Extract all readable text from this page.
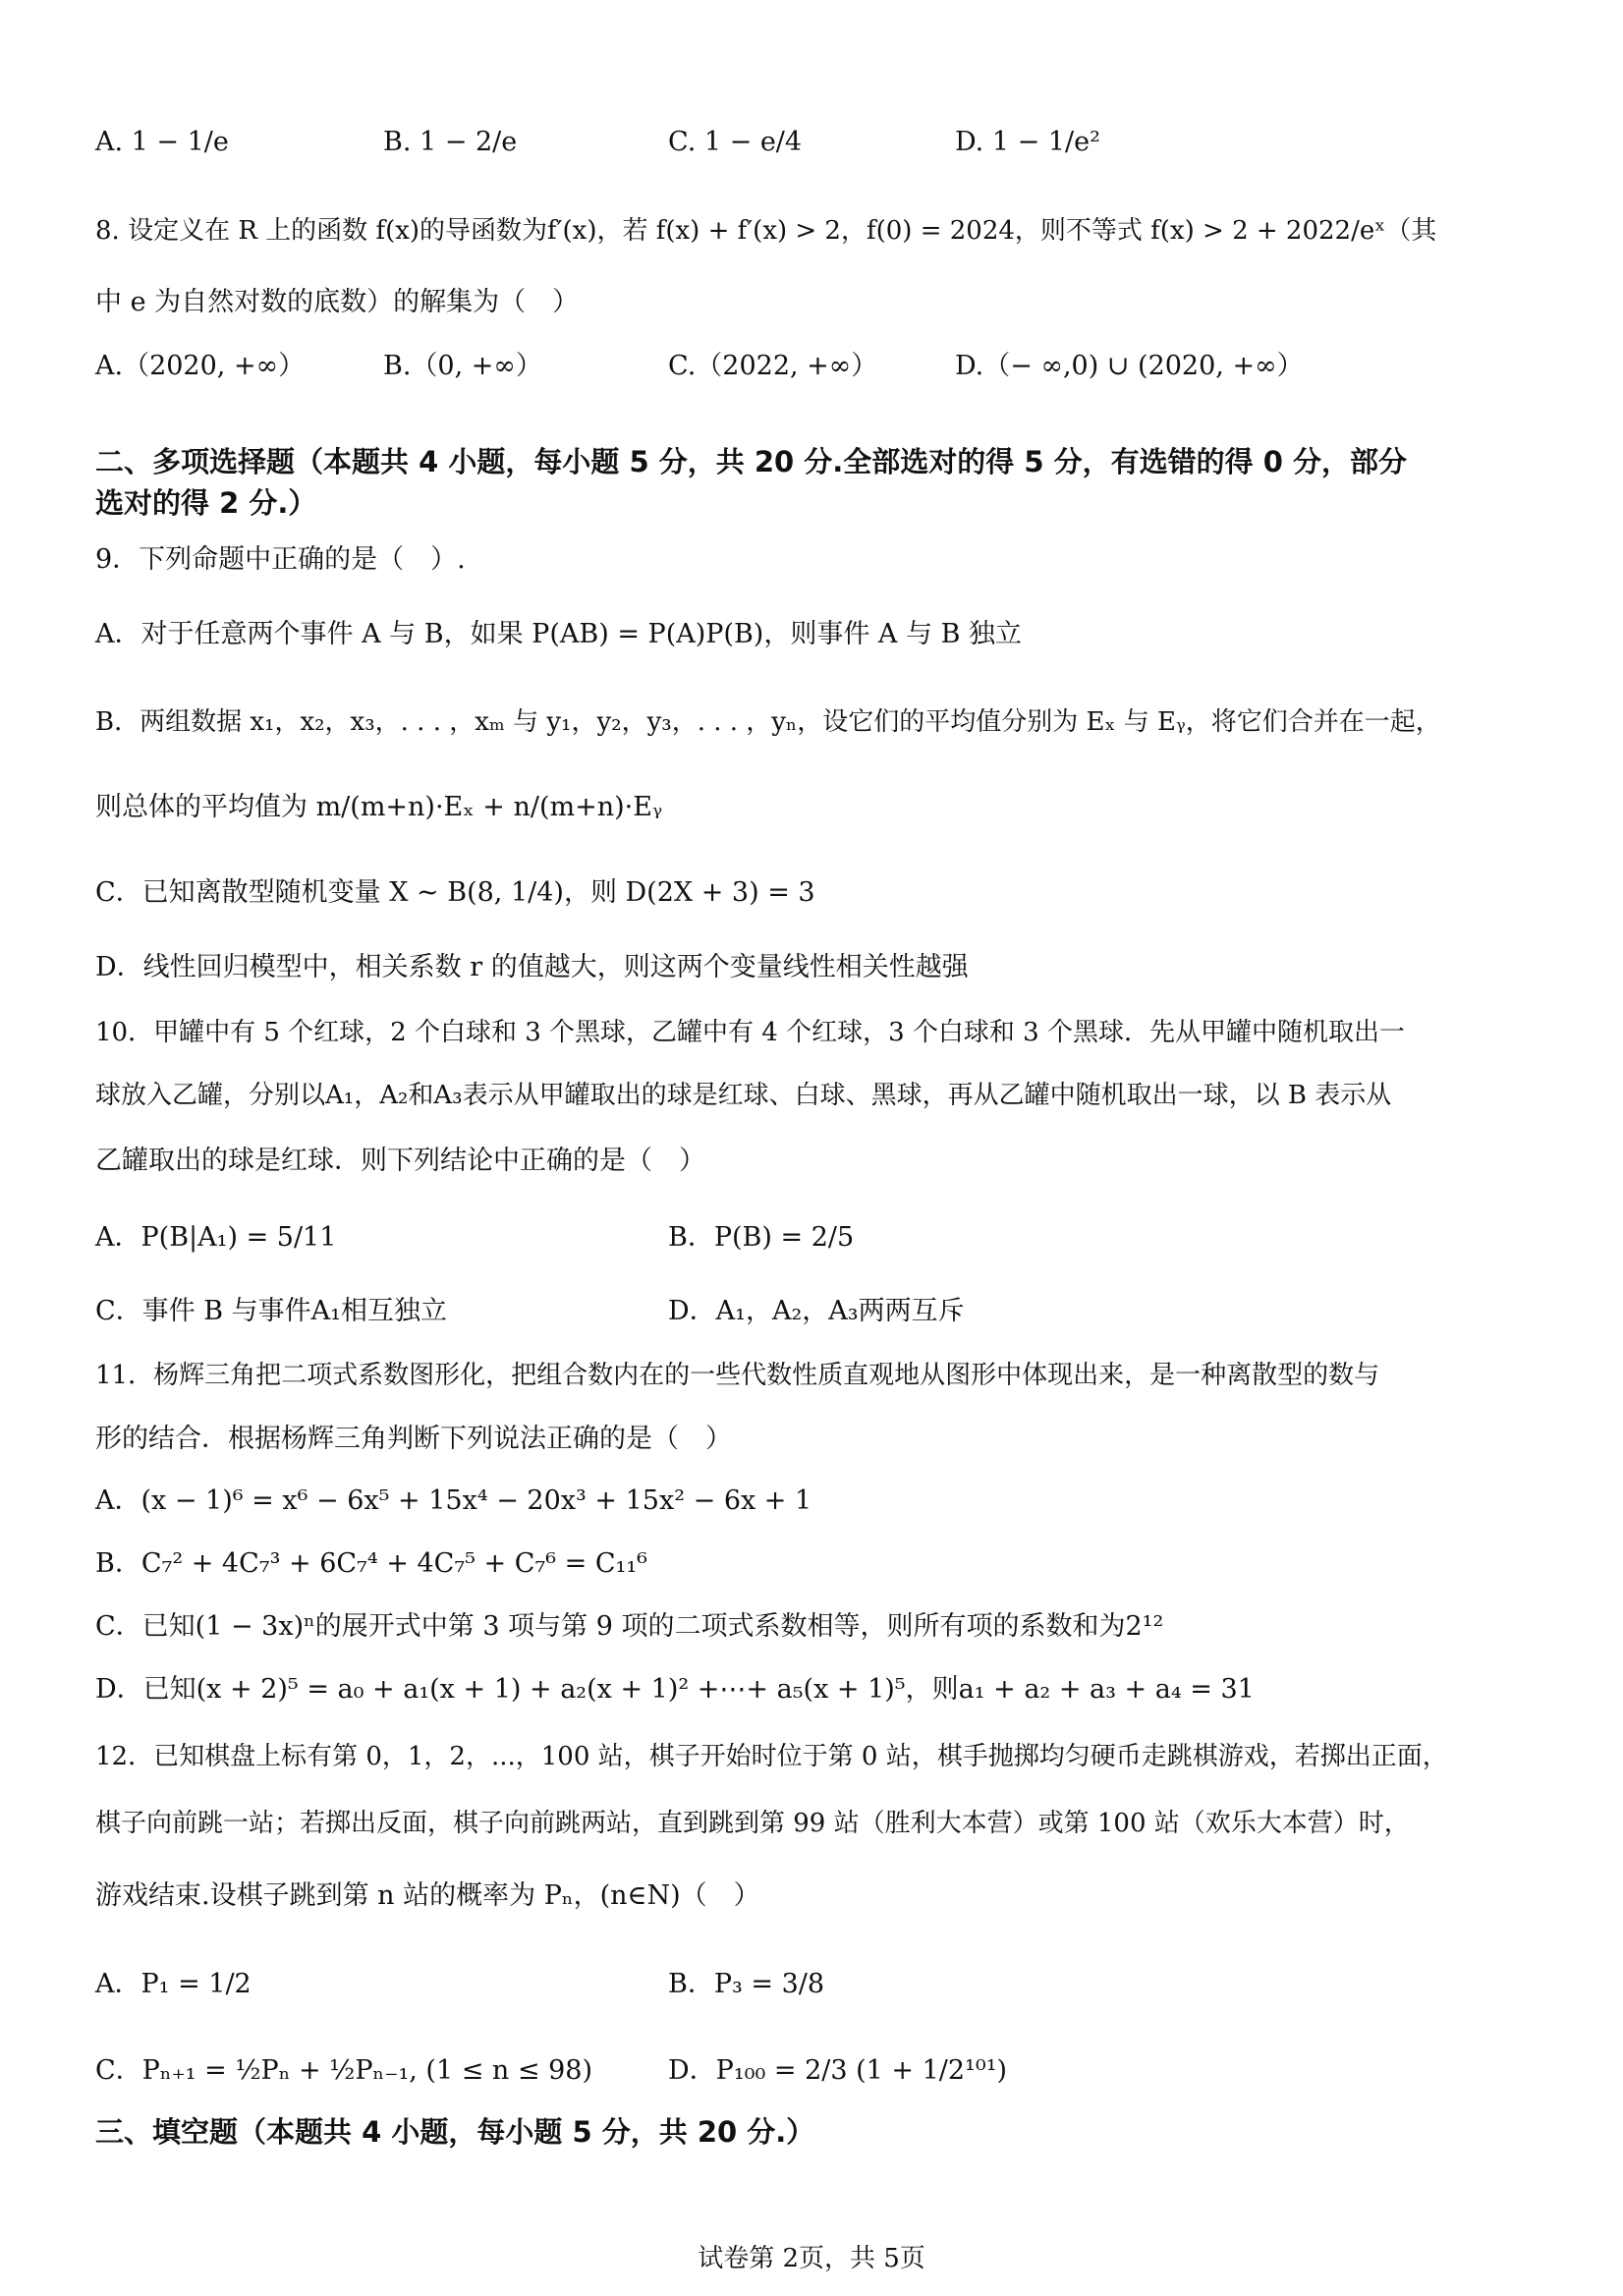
A. 1 − 1/e	B. 1 − 2/e	C. 1 − e/4	D. 1 − 1/e²
8. 设定义在 R 上的函数 f(x)的导函数为f′(x)，若 f(x) + f′(x) > 2，f(0) = 2024，则不等式 f(x) > 2 + 2022/eˣ（其
中 e 为自然对数的底数）的解集为（　）
A.（2020, +∞）	B.（0, +∞）	C.（2022, +∞）	D.（− ∞,0) ∪ (2020, +∞）
二、多项选择题（本题共 4 小题，每小题 5 分，共 20 分.全部选对的得 5 分，有选错的得 0 分，部分
选对的得 2 分.）
9．下列命题中正确的是（　）.
A．对于任意两个事件 A 与 B，如果 P(AB) = P(A)P(B)，则事件 A 与 B 独立
B．两组数据 x₁，x₂，x₃，. . . ，xₘ 与 y₁，y₂，y₃，. . . ，yₙ，设它们的平均值分别为 Eₓ 与 Eᵧ，将它们合并在一起，
则总体的平均值为 m/(m+n)·Eₓ + n/(m+n)·Eᵧ
C．已知离散型随机变量 X ~ B(8, 1/4)，则 D(2X + 3) = 3
D．线性回归模型中，相关系数 r 的值越大，则这两个变量线性相关性越强
10．甲罐中有 5 个红球，2 个白球和 3 个黑球，乙罐中有 4 个红球，3 个白球和 3 个黑球．先从甲罐中随机取出一
球放入乙罐，分别以A₁，A₂和A₃表示从甲罐取出的球是红球、白球、黑球，再从乙罐中随机取出一球，以 B 表示从
乙罐取出的球是红球．则下列结论中正确的是（　）
A．P(B|A₁) = 5/11	B．P(B) = 2/5
C．事件 B 与事件A₁相互独立	D．A₁，A₂，A₃两两互斥
11．杨辉三角把二项式系数图形化，把组合数内在的一些代数性质直观地从图形中体现出来，是一种离散型的数与
形的结合．根据杨辉三角判断下列说法正确的是（　）
A．(x − 1)⁶ = x⁶ − 6x⁵ + 15x⁴ − 20x³ + 15x² − 6x + 1
B．C₇² + 4C₇³ + 6C₇⁴ + 4C₇⁵ + C₇⁶ = C₁₁⁶
C．已知(1 − 3x)ⁿ的展开式中第 3 项与第 9 项的二项式系数相等，则所有项的系数和为2¹²
D．已知(x + 2)⁵ = a₀ + a₁(x + 1) + a₂(x + 1)² +⋯+ a₅(x + 1)⁵，则a₁ + a₂ + a₃ + a₄ = 31
12．已知棋盘上标有第 0，1，2，...，100 站，棋子开始时位于第 0 站，棋手抛掷均匀硬币走跳棋游戏，若掷出正面，
棋子向前跳一站；若掷出反面，棋子向前跳两站，直到跳到第 99 站（胜利大本营）或第 100 站（欢乐大本营）时，
游戏结束.设棋子跳到第 n 站的概率为 Pₙ，(n∈N)（　）
A．P₁ = 1/2	B．P₃ = 3/8
C．Pₙ₊₁ = ½Pₙ + ½Pₙ₋₁, (1 ≤ n ≤ 98)	D．P₁₀₀ = 2/3 (1 + 1/2¹⁰¹)
三、填空题（本题共 4 小题，每小题 5 分，共 20 分.）
试卷第 2页，共 5页
